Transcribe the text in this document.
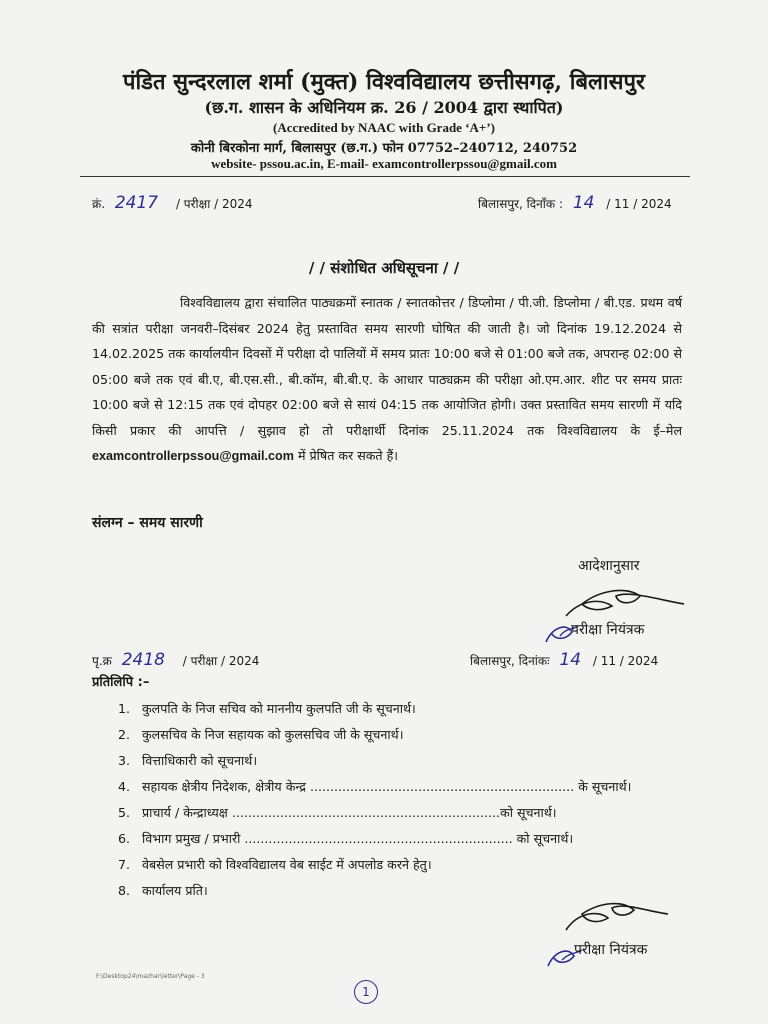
पंडित सुन्दरलाल शर्मा (मुक्त) विश्वविद्यालय छत्तीसगढ़, बिलासपुर
(छ.ग. शासन के अधिनियम क्र. 26 / 2004 द्वारा स्थापित)
(Accredited by NAAC with Grade ‘A+’)
कोनी बिरकोना मार्ग, बिलासपुर (छ.ग.) फोन 07752–240712, 240752
website- pssou.ac.in, E-mail- examcontrollerpssou@gmail.com
क्रं. 2417 / परीक्षा / 2024	बिलासपुर, दिनाँक : 14 / 11 / 2024
/ / संशोधित अधिसूचना / /
विश्वविद्यालय द्वारा संचालित पाठ्यक्रमों स्नातक / स्नातकोत्तर / डिप्लोमा / पी.जी. डिप्लोमा / बी.एड. प्रथम वर्ष की सत्रांत परीक्षा जनवरी–दिसंबर 2024 हेतु प्रस्तावित समय सारणी घोषित की जाती है। जो दिनांक 19.12.2024 से 14.02.2025 तक कार्यालयीन दिवसों में परीक्षा दो पालियों में समय प्रातः 10:00 बजे से 01:00 बजे तक, अपरान्ह 02:00 से 05:00 बजे तक एवं बी.ए, बी.एस.सी., बी.कॉम, बी.बी.ए. के आधार पाठ्यक्रम की परीक्षा ओ.एम.आर. शीट पर समय प्रातः 10:00 बजे से 12:15 तक एवं दोपहर 02:00 बजे से सायं 04:15 तक आयोजित होगी। उक्त प्रस्तावित समय सारणी में यदि किसी प्रकार की आपत्ति / सुझाव हो तो परीक्षार्थी दिनांक 25.11.2024 तक विश्वविद्यालय के ई–मेल examcontrollerpssou@gmail.com में प्रेषित कर सकते हैं।
संलग्न – समय सारणी
आदेशानुसार
परीक्षा नियंत्रक
पृ.क्र 2418 / परीक्षा / 2024	बिलासपुर, दिनांकः 14 / 11 / 2024
प्रतिलिपि :–
1. कुलपति के निज सचिव को माननीय कुलपति जी के सूचनार्थ।
2. कुलसचिव के निज सहायक को कुलसचिव जी के सूचनार्थ।
3. वित्ताधिकारी को सूचनार्थ।
4. सहायक क्षेत्रीय निदेशक, क्षेत्रीय केन्द्र .................................................................. के सूचनार्थ।
5. प्राचार्य / केन्द्राध्यक्ष ...................................................................को सूचनार्थ।
6. विभाग प्रमुख / प्रभारी ................................................................... को सूचनार्थ।
7. वेबसेल प्रभारी को विश्वविद्यालय वेब साईट में अपलोड करने हेतु।
8. कार्यालय प्रति।
परीक्षा नियंत्रक
F:\Desktop24\mazhar\letter\Page - 3
1
